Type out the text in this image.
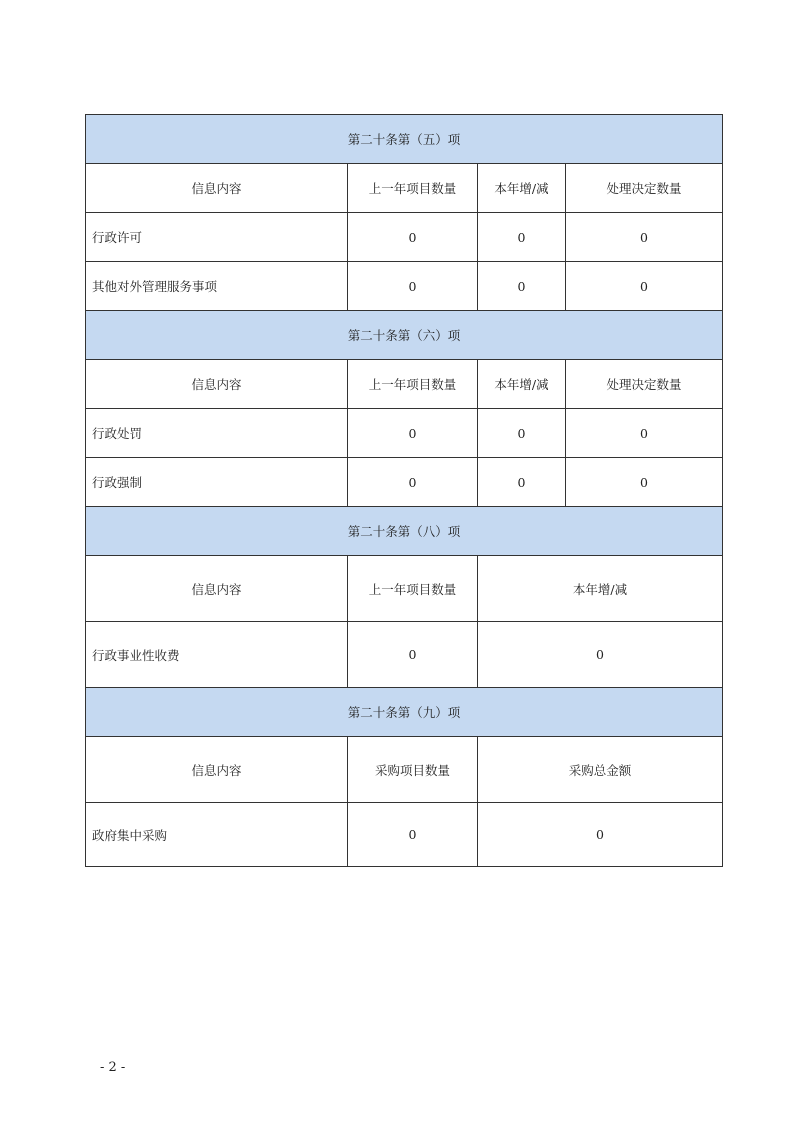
第二十条第（五）项			
信息内容	上一年项目数量	本年增/减	处理决定数量
行政许可	0	0	0
其他对外管理服务事项	0	0	0
第二十条第（六）项			
信息内容	上一年项目数量	本年增/减	处理决定数量
行政处罚	0	0	0
行政强制	0	0	0
第二十条第（八）项			
信息内容	上一年项目数量	本年增/减	
行政事业性收费	0	0	
第二十条第（九）项			
信息内容	采购项目数量	采购总金额	
政府集中采购	0	0	
- 2 -
